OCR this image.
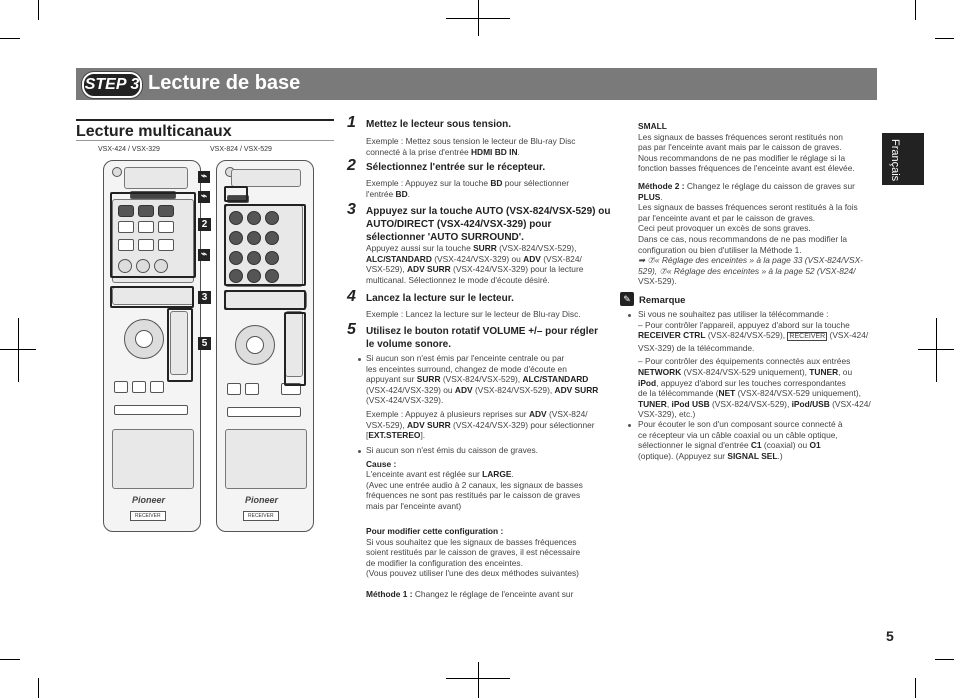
STEP 3 Lecture de base
Français
5
Lecture multicanaux
VSX-424 / VSX-329	VSX-824 / VSX-529
Pioneer
RECEIVER
⌁
⌁
2
⌁
3
5
Pioneer
RECEIVER
1 Mettez le lecteur sous tension.
Exemple : Mettez sous tension le lecteur de Blu-ray Disc connecté à la prise d'entrée HDMI BD IN.
2 Sélectionnez l'entrée sur le récepteur.
Exemple : Appuyez sur la touche BD pour sélectionner l'entrée BD.
3 Appuyez sur la touche AUTO (VSX-824/VSX-529) ou AUTO/DIRECT (VSX-424/VSX-329) pour sélectionner 'AUTO SURROUND'.
Appuyez aussi sur la touche SURR (VSX-824/VSX-529), ALC/STANDARD (VSX-424/VSX-329) ou ADV (VSX-824/ VSX-529), ADV SURR (VSX-424/VSX-329) pour la lecture multicanal. Sélectionnez le mode d'écoute désiré.
4 Lancez la lecture sur le lecteur.
Exemple : Lancez la lecture sur le lecteur de Blu-ray Disc.
5 Utilisez le bouton rotatif VOLUME +/– pour régler le volume sonore.
Si aucun son n'est émis par l'enceinte centrale ou par
les enceintes surround, changez de mode d'écoute en
appuyant sur SURR (VSX-824/VSX-529), ALC/STANDARD
(VSX-424/VSX-329) ou ADV (VSX-824/VSX-529), ADV SURR
(VSX-424/VSX-329).
Exemple : Appuyez à plusieurs reprises sur ADV (VSX-824/
VSX-529), ADV SURR (VSX-424/VSX-329) pour sélectionner
[EXT.STEREO].
Si aucun son n'est émis du caisson de graves.
Cause :
L'enceinte avant est réglée sur LARGE.
(Avec une entrée audio à 2 canaux, les signaux de basses
fréquences ne sont pas restitués par le caisson de graves
mais par l'enceinte avant)
Pour modifier cette configuration :
Si vous souhaitez que les signaux de basses fréquences
soient restitués par le caisson de graves, il est nécessaire
de modifier la configuration des enceintes.
(Vous pouvez utiliser l'une des deux méthodes suivantes)
Méthode 1 : Changez le réglage de l'enceinte avant sur
SMALL
Les signaux de basses fréquences seront restitués non
pas par l'enceinte avant mais par le caisson de graves.
Nous recommandons de ne pas modifier le réglage si la
fonction basses fréquences de l'enceinte avant est élevée.
Méthode 2 : Changez le réglage du caisson de graves sur
PLUS.
Les signaux de basses fréquences seront restitués à la fois
par l'enceinte avant et par le caisson de graves.
Ceci peut provoquer un excès de sons graves.
Dans ce cas, nous recommandons de ne pas modifier la
configuration ou bien d'utiliser la Méthode 1.
➡ ⑦« Réglage des enceintes » à la page 33 (VSX-824/VSX-
529), ⑦« Réglage des enceintes » à la page 52 (VSX-824/
VSX-529).
✎ Remarque
Si vous ne souhaitez pas utiliser la télécommande :
– Pour contrôler l'appareil, appuyez d'abord sur la touche
RECEIVER CTRL (VSX-824/VSX-529), RECEIVER (VSX-424/
VSX-329) de la télécommande.
– Pour contrôler des équipements connectés aux entrées
NETWORK (VSX-824/VSX-529 uniquement), TUNER, ou
iPod, appuyez d'abord sur les touches correspondantes
de la télécommande (NET (VSX-824/VSX-529 uniquement),
TUNER, iPod USB (VSX-824/VSX-529), iPod/USB (VSX-424/
VSX-329), etc.)
Pour écouter le son d'un composant source connecté à
ce récepteur via un câble coaxial ou un câble optique,
sélectionner le signal d'entrée C1 (coaxial) ou O1
(optique). (Appuyez sur SIGNAL SEL.)
